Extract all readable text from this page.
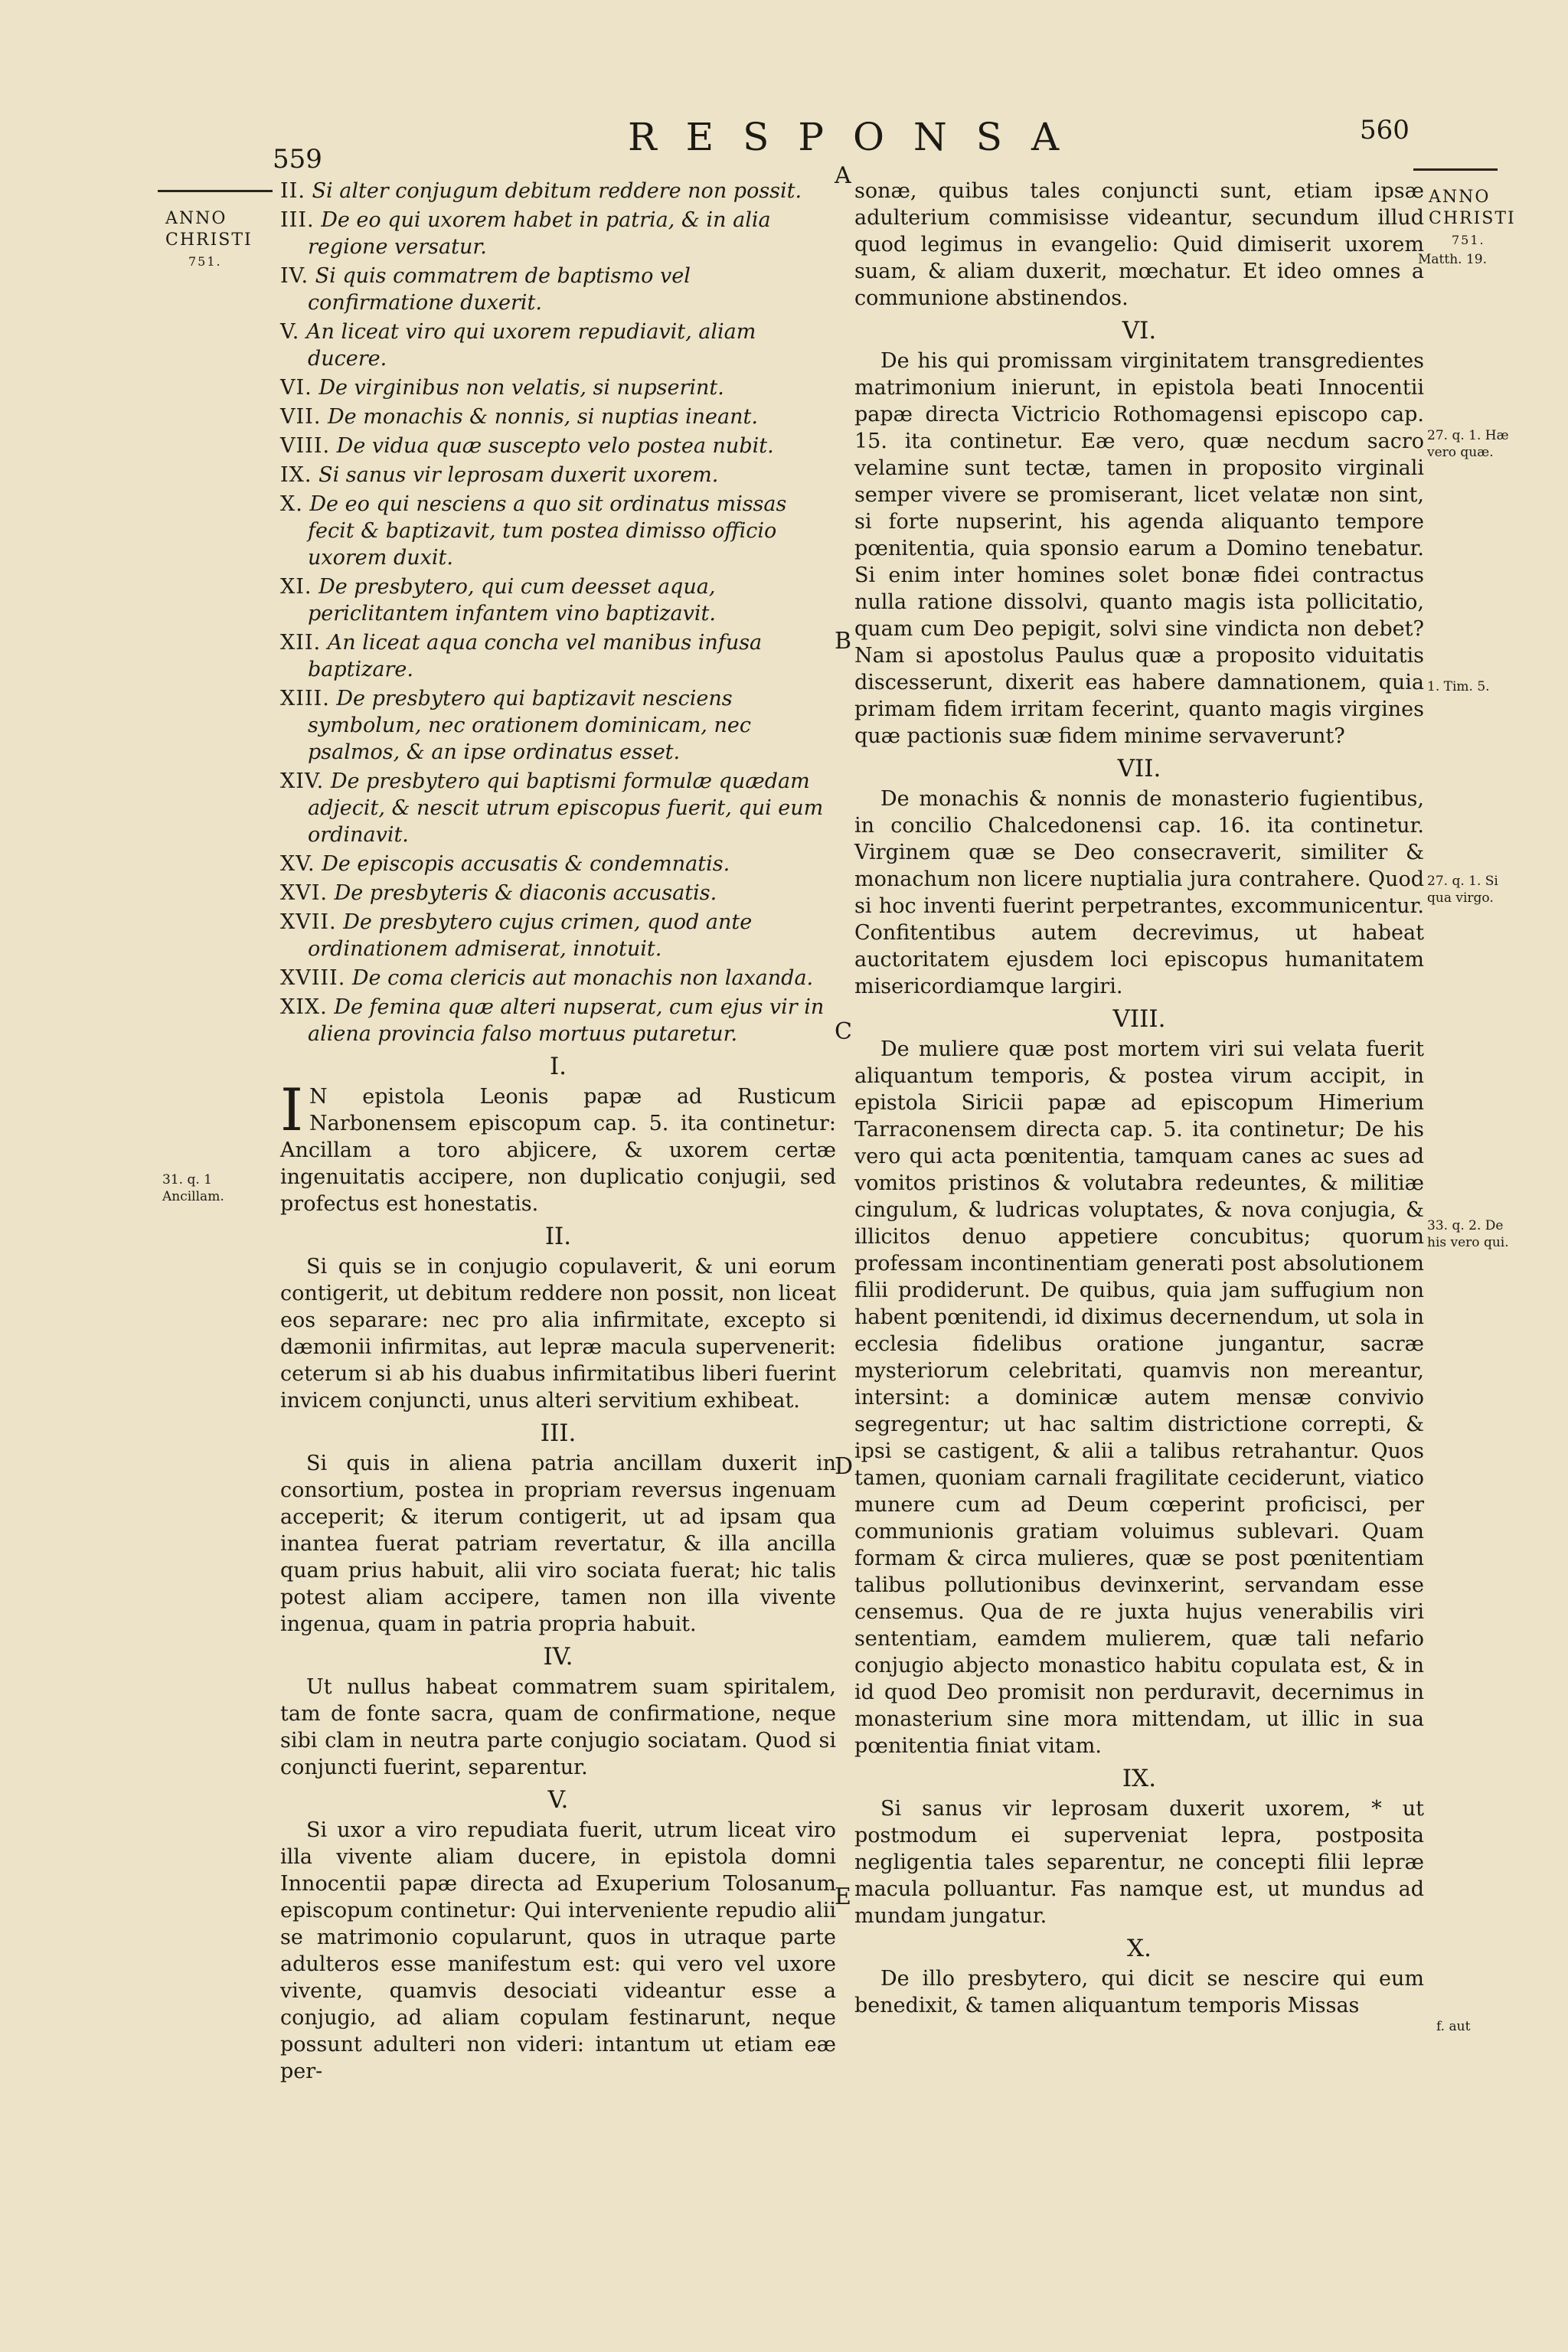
559	RESPONSA	560
ANNO
CHRISTI
751.
ANNO
CHRISTI
751.
A
B
C
D
E
31. q. 1 Ancillam.
Matth. 19.
27. q. 1. Hæ vero quæ.
1. Tim. 5.
27. q. 1. Si qua virgo.
33. q. 2. De his vero qui.
f. aut
II. Si alter conjugum debitum reddere non possit.
III. De eo qui uxorem habet in patria, & in alia regione versatur.
IV. Si quis commatrem de baptismo vel confirmatione duxerit.
V. An liceat viro qui uxorem repudiavit, aliam ducere.
VI. De virginibus non velatis, si nupserint.
VII. De monachis & nonnis, si nuptias ineant.
VIII. De vidua quæ suscepto velo postea nubit.
IX. Si sanus vir leprosam duxerit uxorem.
X. De eo qui nesciens a quo sit ordinatus missas fecit & baptizavit, tum postea dimisso officio uxorem duxit.
XI. De presbytero, qui cum deesset aqua, periclitantem infantem vino baptizavit.
XII. An liceat aqua concha vel manibus infusa baptizare.
XIII. De presbytero qui baptizavit nesciens symbolum, nec orationem dominicam, nec psalmos, & an ipse ordinatus esset.
XIV. De presbytero qui baptismi formulæ quædam adjecit, & nescit utrum episcopus fuerit, qui eum ordinavit.
XV. De episcopis accusatis & condemnatis.
XVI. De presbyteris & diaconis accusatis.
XVII. De presbytero cujus crimen, quod ante ordinationem admiserat, innotuit.
XVIII. De coma clericis aut monachis non laxanda.
XIX. De femina quæ alteri nupserat, cum ejus vir in aliena provincia falso mortuus putaretur.
I.
I N epistola Leonis papæ ad Rusticum Narbonensem episcopum cap. 5. ita continetur: Ancillam a toro abjicere, & uxorem certæ ingenuitatis accipere, non duplicatio conjugii, sed profectus est honestatis.
II.
Si quis se in conjugio copulaverit, & uni eorum contigerit, ut debitum reddere non possit, non liceat eos separare: nec pro alia infirmitate, excepto si dæmonii infirmitas, aut lepræ macula supervenerit: ceterum si ab his duabus infirmitatibus liberi fuerint invicem conjuncti, unus alteri servitium exhibeat.
III.
Si quis in aliena patria ancillam duxerit in consortium, postea in propriam reversus ingenuam acceperit; & iterum contigerit, ut ad ipsam qua inantea fuerat patriam revertatur, & illa ancilla quam prius habuit, alii viro sociata fuerat; hic talis potest aliam accipere, tamen non illa vivente ingenua, quam in patria propria habuit.
IV.
Ut nullus habeat commatrem suam spiritalem, tam de fonte sacra, quam de confirmatione, neque sibi clam in neutra parte conjugio sociatam. Quod si conjuncti fuerint, separentur.
V.
Si uxor a viro repudiata fuerit, utrum liceat viro illa vivente aliam ducere, in epistola domni Innocentii papæ directa ad Exuperium Tolosanum episcopum continetur: Qui interveniente repudio alii se matrimonio copularunt, quos in utraque parte adulteros esse manifestum est: qui vero vel uxore vivente, quamvis desociati videantur esse a conjugio, ad aliam copulam festinarunt, neque possunt adulteri non videri: intantum ut etiam eæ per-
sonæ, quibus tales conjuncti sunt, etiam ipsæ adulterium commisisse videantur, secundum illud quod legimus in evangelio: Quid dimiserit uxorem suam, & aliam duxerit, mœchatur. Et ideo omnes a communione abstinendos.
VI.
De his qui promissam virginitatem transgredientes matrimonium inierunt, in epistola beati Innocentii papæ directa Victricio Rothomagensi episcopo cap. 15. ita continetur. Eæ vero, quæ necdum sacro velamine sunt tectæ, tamen in proposito virginali semper vivere se promiserant, licet velatæ non sint, si forte nupserint, his agenda aliquanto tempore pœnitentia, quia sponsio earum a Domino tenebatur. Si enim inter homines solet bonæ fidei contractus nulla ratione dissolvi, quanto magis ista pollicitatio, quam cum Deo pepigit, solvi sine vindicta non debet? Nam si apostolus Paulus quæ a proposito viduitatis discesserunt, dixerit eas habere damnationem, quia primam fidem irritam fecerint, quanto magis virgines quæ pactionis suæ fidem minime servaverunt?
VII.
De monachis & nonnis de monasterio fugientibus, in concilio Chalcedonensi cap. 16. ita continetur. Virginem quæ se Deo consecraverit, similiter & monachum non licere nuptialia jura contrahere. Quod si hoc inventi fuerint perpetrantes, excommunicentur. Confitentibus autem decrevimus, ut habeat auctoritatem ejusdem loci episcopus humanitatem misericordiamque largiri.
VIII.
De muliere quæ post mortem viri sui velata fuerit aliquantum temporis, & postea virum accipit, in epistola Siricii papæ ad episcopum Himerium Tarraconensem directa cap. 5. ita continetur; De his vero qui acta pœnitentia, tamquam canes ac sues ad vomitos pristinos & volutabra redeuntes, & militiæ cingulum, & ludricas voluptates, & nova conjugia, & illicitos denuo appetiere concubitus; quorum professam incontinentiam generati post absolutionem filii prodiderunt. De quibus, quia jam suffugium non habent pœnitendi, id diximus decernendum, ut sola in ecclesia fidelibus oratione jungantur, sacræ mysteriorum celebritati, quamvis non mereantur, intersint: a dominicæ autem mensæ convivio segregentur; ut hac saltim districtione correpti, & ipsi se castigent, & alii a talibus retrahantur. Quos tamen, quoniam carnali fragilitate ceciderunt, viatico munere cum ad Deum cœperint proficisci, per communionis gratiam voluimus sublevari. Quam formam & circa mulieres, quæ se post pœnitentiam talibus pollutionibus devinxerint, servandam esse censemus. Qua de re juxta hujus venerabilis viri sententiam, eamdem mulierem, quæ tali nefario conjugio abjecto monastico habitu copulata est, & in id quod Deo promisit non perduravit, decernimus in monasterium sine mora mittendam, ut illic in sua pœnitentia finiat vitam.
IX.
Si sanus vir leprosam duxerit uxorem, * ut postmodum ei superveniat lepra, postposita negligentia tales separentur, ne concepti filii lepræ macula polluantur. Fas namque est, ut mundus ad mundam jungatur.
X.
De illo presbytero, qui dicit se nescire qui eum benedixit, & tamen aliquantum temporis Missas
